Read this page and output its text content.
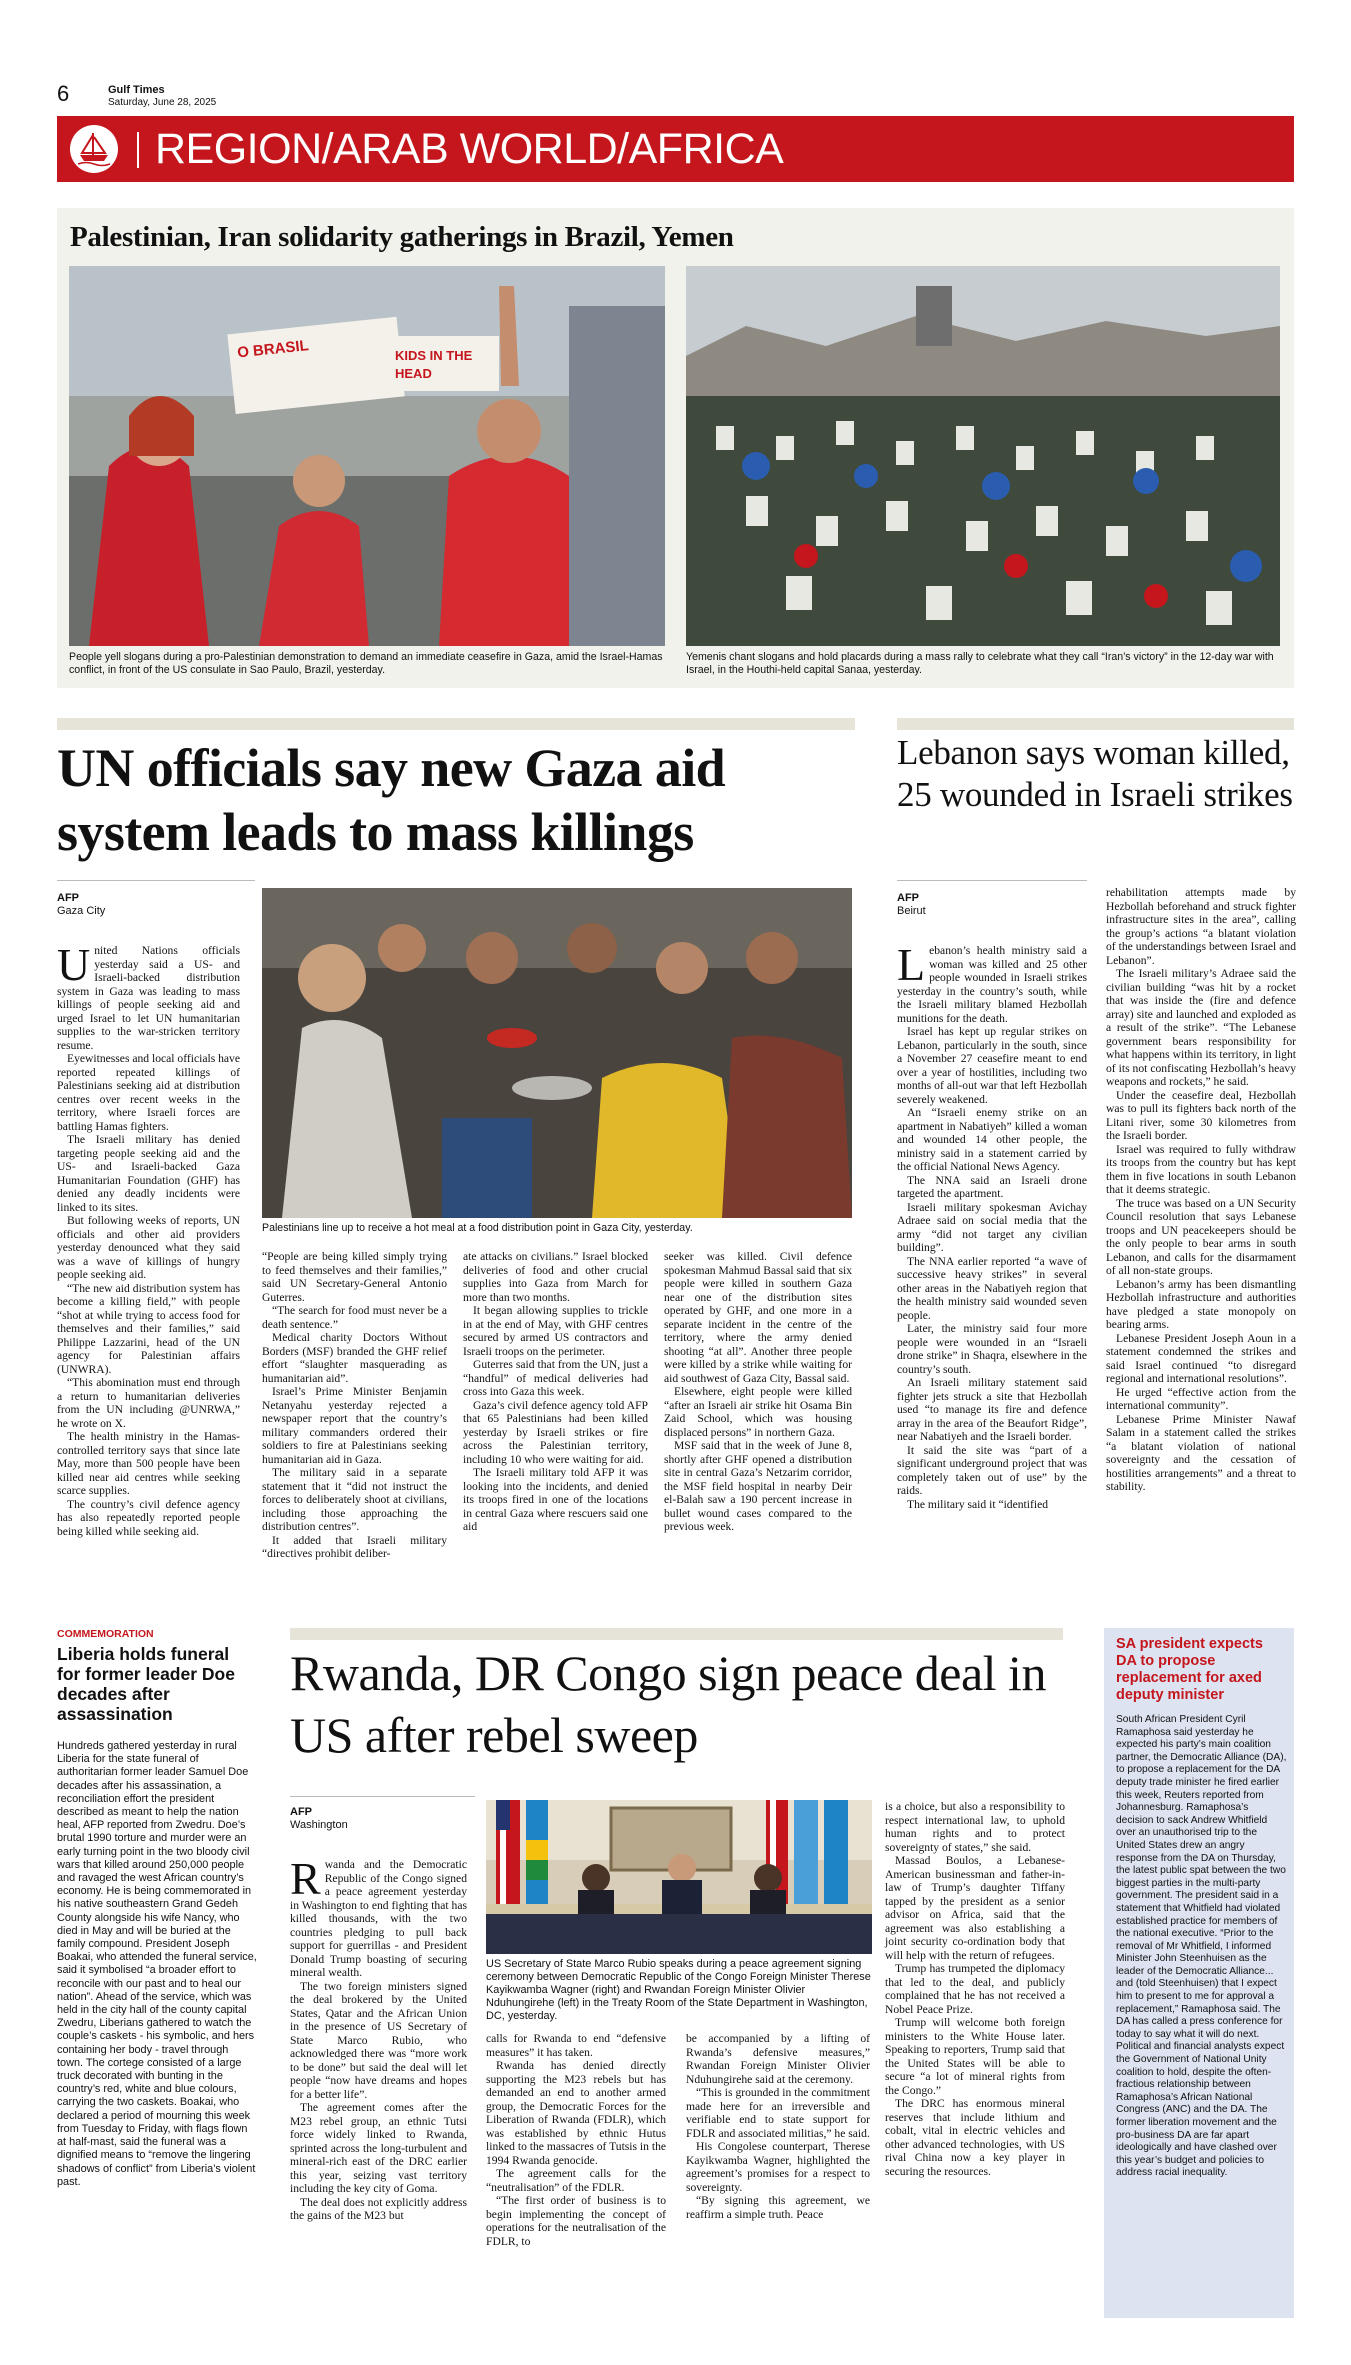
6	Gulf Times
Saturday, June 28, 2025
REGION/ARAB WORLD/AFRICA
Palestinian, Iran solidarity gatherings in Brazil, Yemen
O BRASIL	KIDS IN THE
HEAD
People yell slogans during a pro-Palestinian demonstration to demand an immediate ceasefire in Gaza, amid the Israel-Hamas conflict, in front of the US consulate in Sao Paulo, Brazil, yesterday.
Yemenis chant slogans and hold placards during a mass rally to celebrate what they call “Iran’s victory” in the 12-day war with Israel, in the Houthi-held capital Sanaa, yesterday.
UN officials say new Gaza aid system leads to mass killings
AFP
Gaza City
U nited Nations officials yesterday said a US- and Israeli-backed distribution system in Gaza was leading to mass killings of people seeking aid and urged Israel to let UN humanitarian supplies to the war-stricken territory resume.

Eyewitnesses and local officials have reported repeated killings of Palestinians seeking aid at distribution centres over recent weeks in the territory, where Israeli forces are battling Hamas fighters.

The Israeli military has denied targeting people seeking aid and the US- and Israeli-backed Gaza Humanitarian Foundation (GHF) has denied any deadly incidents were linked to its sites.

But following weeks of reports, UN officials and other aid providers yesterday denounced what they said was a wave of killings of hungry people seeking aid.

“The new aid distribution system has become a killing field,” with people “shot at while trying to access food for themselves and their families,” said Philippe Lazzarini, head of the UN agency for Palestinian affairs (UNWRA).

“This abomination must end through a return to humanitarian deliveries from the UN including @UNRWA,” he wrote on X.

The health ministry in the Hamas-controlled territory says that since late May, more than 500 people have been killed near aid centres while seeking scarce supplies.

The country’s civil defence agency has also repeatedly reported people being killed while seeking aid.

Palestinians line up to receive a hot meal at a food distribution point in Gaza City, yesterday.

“People are being killed simply trying to feed themselves and their families,” said UN Secretary-General Antonio Guterres.

“The search for food must never be a death sentence.”

Medical charity Doctors Without Borders (MSF) branded the GHF relief effort “slaughter masquerading as humanitarian aid”.

Israel’s Prime Minister Benjamin Netanyahu yesterday rejected a newspaper report that the country’s military commanders ordered their soldiers to fire at Palestinians seeking humanitarian aid in Gaza.

The military said in a separate statement that it “did not instruct the forces to deliberately shoot at civilians, including those approaching the distribution centres”.

It added that Israeli military “directives prohibit deliber-

ate attacks on civilians.” Israel blocked deliveries of food and other crucial supplies into Gaza from March for more than two months.

It began allowing supplies to trickle in at the end of May, with GHF centres secured by armed US contractors and Israeli troops on the perimeter.

Guterres said that from the UN, just a “handful” of medical deliveries had cross into Gaza this week.

Gaza’s civil defence agency told AFP that 65 Palestinians had been killed yesterday by Israeli strikes or fire across the Palestinian territory, including 10 who were waiting for aid.

The Israeli military told AFP it was looking into the incidents, and denied its troops fired in one of the locations in central Gaza where rescuers said one aid

seeker was killed. Civil defence spokesman Mahmud Bassal said that six people were killed in southern Gaza near one of the distribution sites operated by GHF, and one more in a separate incident in the centre of the territory, where the army denied shooting “at all”. Another three people were killed by a strike while waiting for aid southwest of Gaza City, Bassal said.

Elsewhere, eight people were killed “after an Israeli air strike hit Osama Bin Zaid School, which was housing displaced persons” in northern Gaza.

MSF said that in the week of June 8, shortly after GHF opened a distribution site in central Gaza’s Netzarim corridor, the MSF field hospital in nearby Deir el-Balah saw a 190 percent increase in bullet wound cases compared to the previous week.

Lebanon says woman killed, 25 wounded in Israeli strikes
AFP
Beirut
L ebanon’s health ministry said a woman was killed and 25 other people wounded in Israeli strikes yesterday in the country’s south, while the Israeli military blamed Hezbollah munitions for the death.

Israel has kept up regular strikes on Lebanon, particularly in the south, since a November 27 ceasefire meant to end over a year of hostilities, including two months of all-out war that left Hezbollah severely weakened.

An “Israeli enemy strike on an apartment in Nabatiyeh” killed a woman and wounded 14 other people, the ministry said in a statement carried by the official National News Agency.

The NNA said an Israeli drone targeted the apartment.

Israeli military spokesman Avichay Adraee said on social media that the army “did not target any civilian building”.

The NNA earlier reported “a wave of successive heavy strikes” in several other areas in the Nabatiyeh region that the health ministry said wounded seven people.

Later, the ministry said four more people were wounded in an “Israeli drone strike” in Shaqra, elsewhere in the country’s south.

An Israeli military statement said fighter jets struck a site that Hezbollah used “to manage its fire and defence array in the area of the Beaufort Ridge”, near Nabatiyeh and the Israeli border.

It said the site was “part of a significant underground project that was completely taken out of use” by the raids.

The military said it “identified

rehabilitation attempts made by Hezbollah beforehand and struck fighter infrastructure sites in the area”, calling the group’s actions “a blatant violation of the understandings between Israel and Lebanon”.

The Israeli military’s Adraee said the civilian building “was hit by a rocket that was inside the (fire and defence array) site and launched and exploded as a result of the strike”. “The Lebanese government bears responsibility for what happens within its territory, in light of its not confiscating Hezbollah’s heavy weapons and rockets,” he said.

Under the ceasefire deal, Hezbollah was to pull its fighters back north of the Litani river, some 30 kilometres from the Israeli border.

Israel was required to fully withdraw its troops from the country but has kept them in five locations in south Lebanon that it deems strategic.

The truce was based on a UN Security Council resolution that says Lebanese troops and UN peacekeepers should be the only people to bear arms in south Lebanon, and calls for the disarmament of all non-state groups.

Lebanon’s army has been dismantling Hezbollah infrastructure and authorities have pledged a state monopoly on bearing arms.

Lebanese President Joseph Aoun in a statement condemned the strikes and said Israel continued “to disregard regional and international resolutions”.

He urged “effective action from the international community”.

Lebanese Prime Minister Nawaf Salam in a statement called the strikes “a blatant violation of national sovereignty and the cessation of hostilities arrangements” and a threat to stability.

COMMEMORATION
Liberia holds funeral for former leader Doe decades after assassination
Hundreds gathered yesterday in rural Liberia for the state funeral of authoritarian former leader Samuel Doe decades after his assassination, a reconciliation effort the president described as meant to help the nation heal, AFP reported from Zwedru. Doe’s brutal 1990 torture and murder were an early turning point in the two bloody civil wars that killed around 250,000 people and ravaged the west African country’s economy. He is being commemorated in his native southeastern Grand Gedeh County alongside his wife Nancy, who died in May and will be buried at the family compound. President Joseph Boakai, who attended the funeral service, said it symbolised “a broader effort to reconcile with our past and to heal our nation”. Ahead of the service, which was held in the city hall of the county capital Zwedru, Liberians gathered to watch the couple’s caskets - his symbolic, and hers containing her body - travel through town. The cortege consisted of a large truck decorated with bunting in the country’s red, white and blue colours, carrying the two caskets. Boakai, who declared a period of mourning this week from Tuesday to Friday, with flags flown at half-mast, said the funeral was a dignified means to “remove the lingering shadows of conflict” from Liberia’s violent past.
Rwanda, DR Congo sign peace deal in US after rebel sweep
AFP
Washington
R wanda and the Democratic Republic of the Congo signed a peace agreement yesterday in Washington to end fighting that has killed thousands, with the two countries pledging to pull back support for guerrillas - and President Donald Trump boasting of securing mineral wealth.

The two foreign ministers signed the deal brokered by the United States, Qatar and the African Union in the presence of US Secretary of State Marco Rubio, who acknowledged there was “more work to be done” but said the deal will let people “now have dreams and hopes for a better life”.

The agreement comes after the M23 rebel group, an ethnic Tutsi force widely linked to Rwanda, sprinted across the long-turbulent and mineral-rich east of the DRC earlier this year, seizing vast territory including the key city of Goma.

The deal does not explicitly address the gains of the M23 but

US Secretary of State Marco Rubio speaks during a peace agreement signing ceremony between Democratic Republic of the Congo Foreign Minister Therese Kayikwamba Wagner (right) and Rwandan Foreign Minister Olivier Nduhungirehe (left) in the Treaty Room of the State Department in Washington, DC, yesterday.

calls for Rwanda to end “defensive measures” it has taken.

Rwanda has denied directly supporting the M23 rebels but has demanded an end to another armed group, the Democratic Forces for the Liberation of Rwanda (FDLR), which was established by ethnic Hutus linked to the massacres of Tutsis in the 1994 Rwanda genocide.

The agreement calls for the “neutralisation” of the FDLR.

“The first order of business is to begin implementing the concept of operations for the neutralisation of the FDLR, to

be accompanied by a lifting of Rwanda’s defensive measures,” Rwandan Foreign Minister Olivier Nduhungirehe said at the ceremony.

“This is grounded in the commitment made here for an irreversible and verifiable end to state support for FDLR and associated militias,” he said.

His Congolese counterpart, Therese Kayikwamba Wagner, highlighted the agreement’s promises for a respect to sovereignty.

“By signing this agreement, we reaffirm a simple truth. Peace

is a choice, but also a responsibility to respect international law, to uphold human rights and to protect sovereignty of states,” she said.

Massad Boulos, a Lebanese-American businessman and father-in-law of Trump’s daughter Tiffany tapped by the president as a senior advisor on Africa, said that the agreement was also establishing a joint security co-ordination body that will help with the return of refugees.

Trump has trumpeted the diplomacy that led to the deal, and publicly complained that he has not received a Nobel Peace Prize.

Trump will welcome both foreign ministers to the White House later. Speaking to reporters, Trump said that the United States will be able to secure “a lot of mineral rights from the Congo.”

The DRC has enormous mineral reserves that include lithium and cobalt, vital in electric vehicles and other advanced technologies, with US rival China now a key player in securing the resources.

SA president expects DA to propose replacement for axed deputy minister
South African President Cyril Ramaphosa said yesterday he expected his party’s main coalition partner, the Democratic Alliance (DA), to propose a replacement for the DA deputy trade minister he fired earlier this week, Reuters reported from Johannesburg. Ramaphosa’s decision to sack Andrew Whitfield over an unauthorised trip to the United States drew an angry response from the DA on Thursday, the latest public spat between the two biggest parties in the multi-party government. The president said in a statement that Whitfield had violated established practice for members of the national executive. “Prior to the removal of Mr Whitfield, I informed Minister John Steenhuisen as the leader of the Democratic Alliance... and (told Steenhuisen) that I expect him to present to me for approval a replacement,” Ramaphosa said. The DA has called a press conference for today to say what it will do next. Political and financial analysts expect the Government of National Unity coalition to hold, despite the often-fractious relationship between Ramaphosa’s African National Congress (ANC) and the DA. The former liberation movement and the pro-business DA are far apart ideologically and have clashed over this year’s budget and policies to address racial inequality.
